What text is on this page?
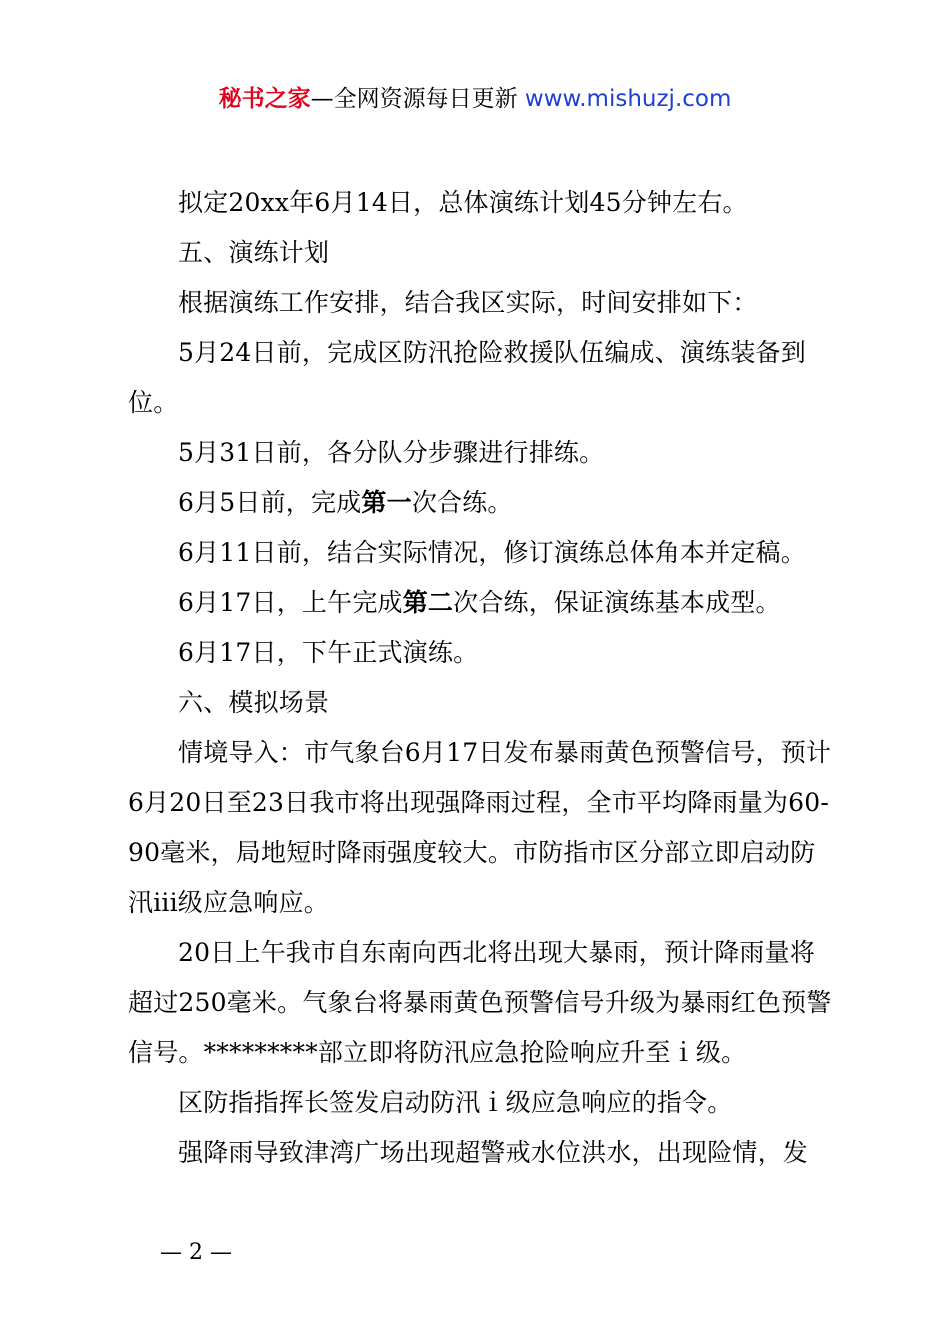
秘书之家—全网资源每日更新 www.mishuzj.com

拟定20xx年6月14日，总体演练计划45分钟左右。

五、演练计划

根据演练工作安排，结合我区实际，时间安排如下：

5月24日前，完成区防汛抢险救援队伍编成、演练装备到位。

5月31日前，各分队分步骤进行排练。

6月5日前，完成第一次合练。

6月11日前，结合实际情况，修订演练总体角本并定稿。

6月17日，上午完成第二次合练，保证演练基本成型。

6月17日，下午正式演练。

六、模拟场景

情境导入：市气象台6月17日发布暴雨黄色预警信号，预计6月20日至23日我市将出现强降雨过程，全市平均降雨量为60-90毫米，局地短时降雨强度较大。市防指市区分部立即启动防汛iii级应急响应。

20日上午我市自东南向西北将出现大暴雨，预计降雨量将超过250毫米。气象台将暴雨黄色预警信号升级为暴雨红色预警信号。*********部立即将防汛应急抢险响应升至ｉ级。

区防指指挥长签发启动防汛ｉ级应急响应的指令。

强降雨导致津湾广场出现超警戒水位洪水，出现险情，发

— 2 —
